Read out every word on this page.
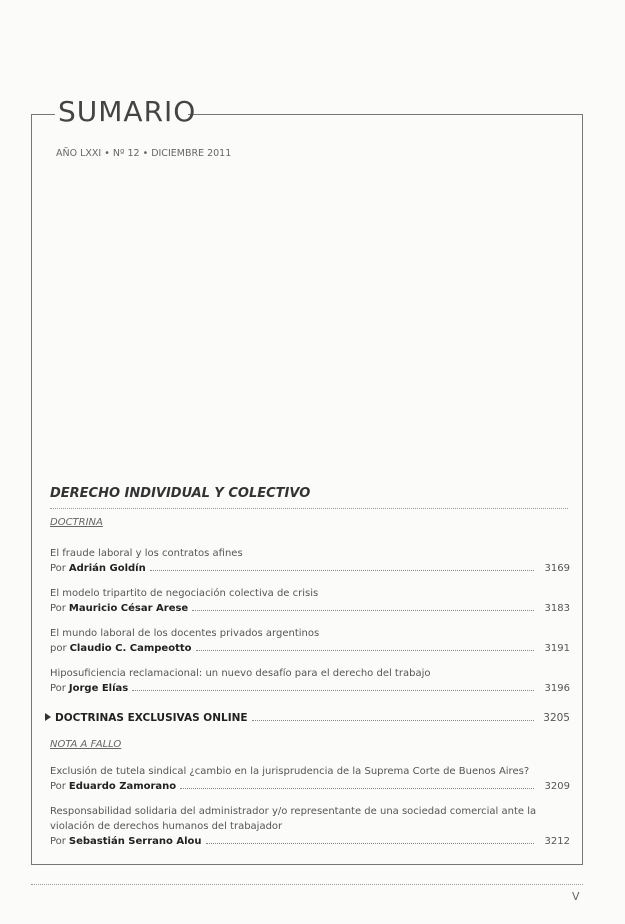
SUMARIO
AÑO LXXI • Nº 12 • DICIEMBRE 2011
DERECHO INDIVIDUAL Y COLECTIVO
DOCTRINA
El fraude laboral y los contratos afines
Por Adrián Goldín	3169
El modelo tripartito de negociación colectiva de crisis
Por Mauricio César Arese	3183
El mundo laboral de los docentes privados argentinos
por Claudio C. Campeotto	3191
Hiposuficiencia reclamacional: un nuevo desafío para el derecho del trabajo
Por Jorge Elías	3196
DOCTRINAS EXCLUSIVAS ONLINE	3205
NOTA A FALLO
Exclusión de tutela sindical ¿cambio en la jurisprudencia de la Suprema Corte de Buenos Aires?
Por Eduardo Zamorano	3209
Responsabilidad solidaria del administrador y/o representante de una sociedad comercial ante la violación de derechos humanos del trabajador
Por Sebastián Serrano Alou	3212
V
